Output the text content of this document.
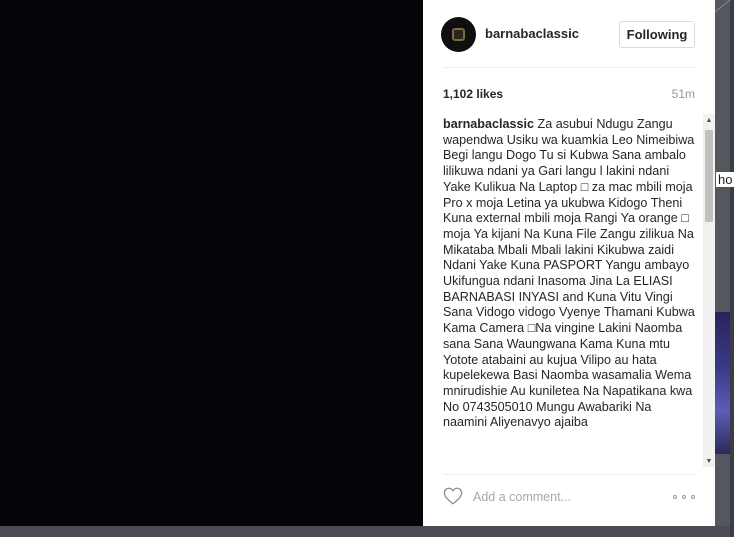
ho
barnabaclassic	Following
1,102 likes	51m
barnabaclassic Za asubui Ndugu Zangu wapendwa Usiku wa kuamkia Leo Nimeibiwa Begi langu Dogo Tu si Kubwa Sana ambalo lilikuwa ndani ya Gari langu l lakini ndani Yake Kulikua Na Laptop □ za mac mbili moja Pro x moja Letina ya ukubwa Kidogo Theni Kuna external mbili moja Rangi Ya orange □ moja Ya kijani Na Kuna File Zangu zilikua Na Mikataba Mbali Mbali lakini Kikubwa zaidi Ndani Yake Kuna PASPORT Yangu ambayo Ukifungua ndani Inasoma Jina La ELIASI BARNABASI INYASI and Kuna Vitu Vingi Sana Vidogo vidogo Vyenye Thamani Kubwa Kama Camera □Na vingine Lakini Naomba sana Sana Waungwana Kama Kuna mtu Yotote atabaini au kujua Vilipo au hata kupelekewa Basi Naomba wasamalia Wema mnirudishie Au kuniletea Na Napatikana kwa No 0743505010 Mungu Awabariki Na naamini Aliyenavyo ajaiba
▲
▼
Add a comment...
